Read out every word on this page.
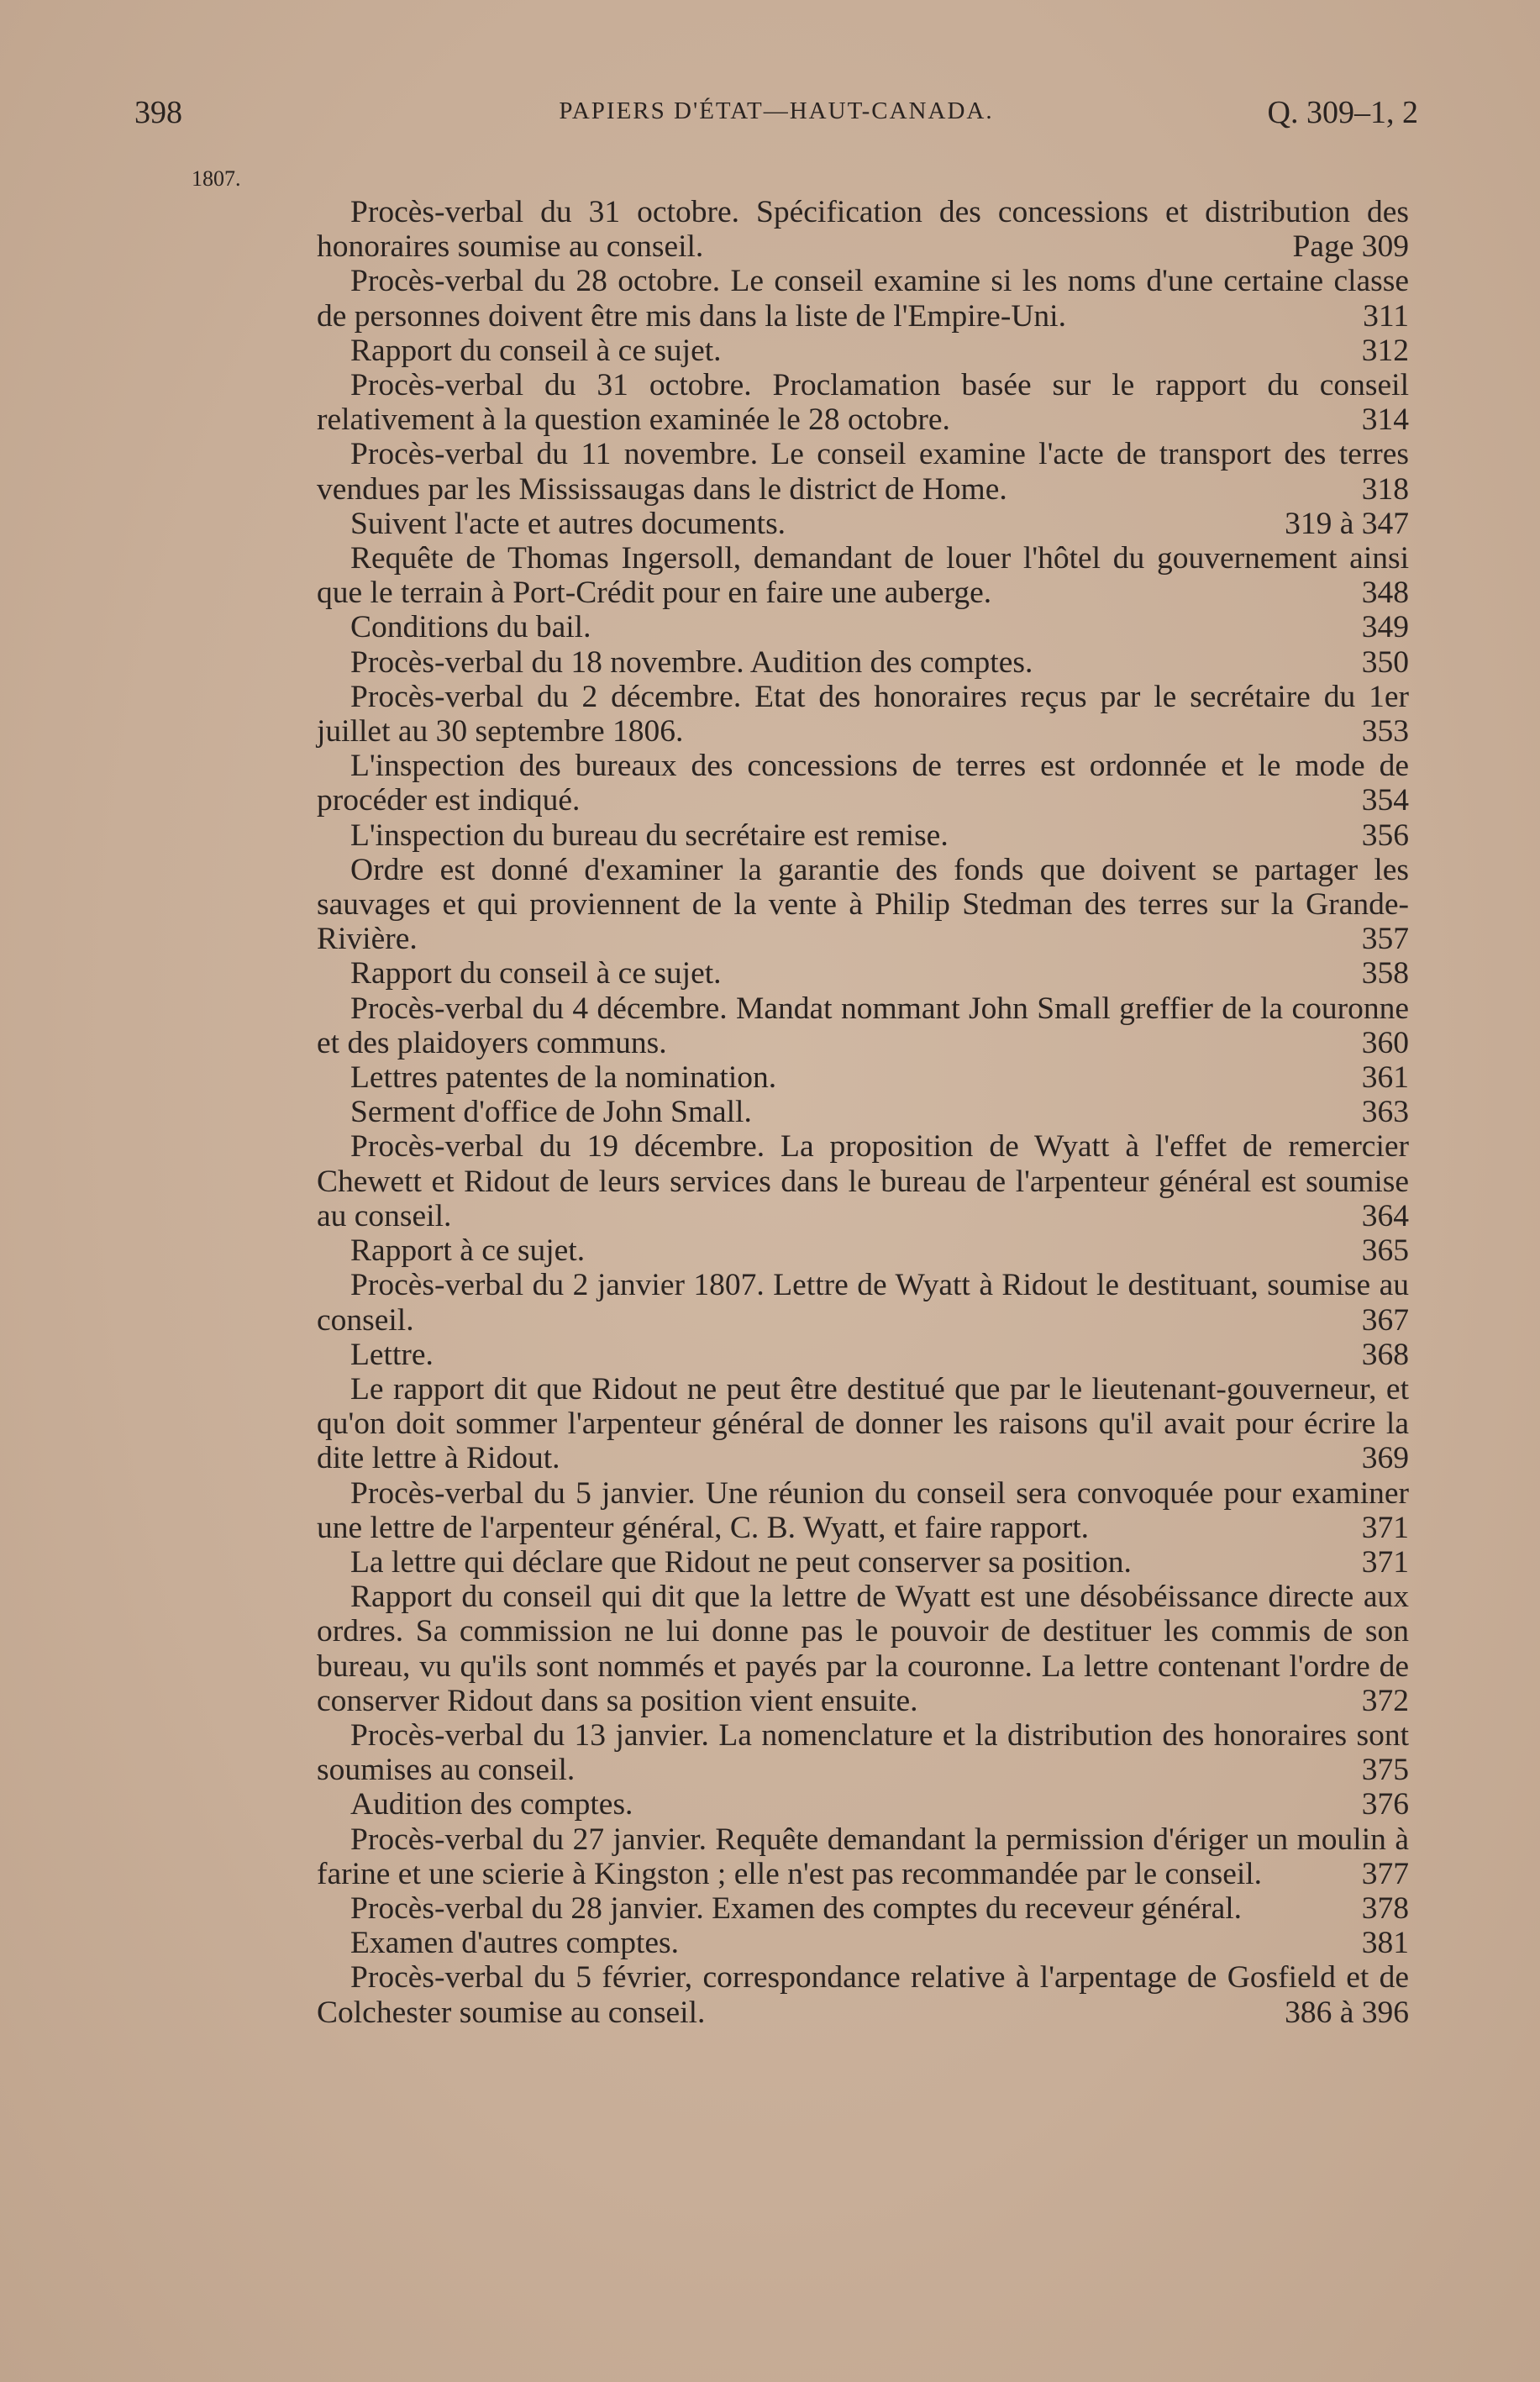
398	PAPIERS D'ÉTAT—HAUT-CANADA.	Q. 309–1, 2
1807.
Procès-verbal du 31 octobre. Spécification des concessions et distribution des honoraires soumise au conseil.	Page 309
Procès-verbal du 28 octobre. Le conseil examine si les noms d'une certaine classe de personnes doivent être mis dans la liste de l'Empire-Uni.	311
Rapport du conseil à ce sujet.	312
Procès-verbal du 31 octobre. Proclamation basée sur le rapport du conseil relativement à la question examinée le 28 octobre.	314
Procès-verbal du 11 novembre. Le conseil examine l'acte de transport des terres vendues par les Mississaugas dans le district de Home.	318
Suivent l'acte et autres documents.	319 à 347
Requête de Thomas Ingersoll, demandant de louer l'hôtel du gouvernement ainsi que le terrain à Port-Crédit pour en faire une auberge.	348
Conditions du bail.	349
Procès-verbal du 18 novembre. Audition des comptes.	350
Procès-verbal du 2 décembre. Etat des honoraires reçus par le secrétaire du 1er juillet au 30 septembre 1806.	353
L'inspection des bureaux des concessions de terres est ordonnée et le mode de procéder est indiqué.	354
L'inspection du bureau du secrétaire est remise.	356
Ordre est donné d'examiner la garantie des fonds que doivent se partager les sauvages et qui proviennent de la vente à Philip Stedman des terres sur la Grande-Rivière.	357
Rapport du conseil à ce sujet.	358
Procès-verbal du 4 décembre. Mandat nommant John Small greffier de la couronne et des plaidoyers communs.	360
Lettres patentes de la nomination.	361
Serment d'office de John Small.	363
Procès-verbal du 19 décembre. La proposition de Wyatt à l'effet de remercier Chewett et Ridout de leurs services dans le bureau de l'arpenteur général est soumise au conseil.	364
Rapport à ce sujet.	365
Procès-verbal du 2 janvier 1807. Lettre de Wyatt à Ridout le destituant, soumise au conseil.	367
Lettre.	368
Le rapport dit que Ridout ne peut être destitué que par le lieutenant-gouverneur, et qu'on doit sommer l'arpenteur général de donner les raisons qu'il avait pour écrire la dite lettre à Ridout.	369
Procès-verbal du 5 janvier. Une réunion du conseil sera convoquée pour examiner une lettre de l'arpenteur général, C. B. Wyatt, et faire rapport.	371
La lettre qui déclare que Ridout ne peut conserver sa position.	371
Rapport du conseil qui dit que la lettre de Wyatt est une désobéissance directe aux ordres. Sa commission ne lui donne pas le pouvoir de destituer les commis de son bureau, vu qu'ils sont nommés et payés par la couronne. La lettre contenant l'ordre de conserver Ridout dans sa position vient ensuite.	372
Procès-verbal du 13 janvier. La nomenclature et la distribution des honoraires sont soumises au conseil.	375
Audition des comptes.	376
Procès-verbal du 27 janvier. Requête demandant la permission d'ériger un moulin à farine et une scierie à Kingston ; elle n'est pas recommandée par le conseil.	377
Procès-verbal du 28 janvier. Examen des comptes du receveur général.	378
Examen d'autres comptes.	381
Procès-verbal du 5 février, correspondance relative à l'arpentage de Gosfield et de Colchester soumise au conseil.	386 à 396
